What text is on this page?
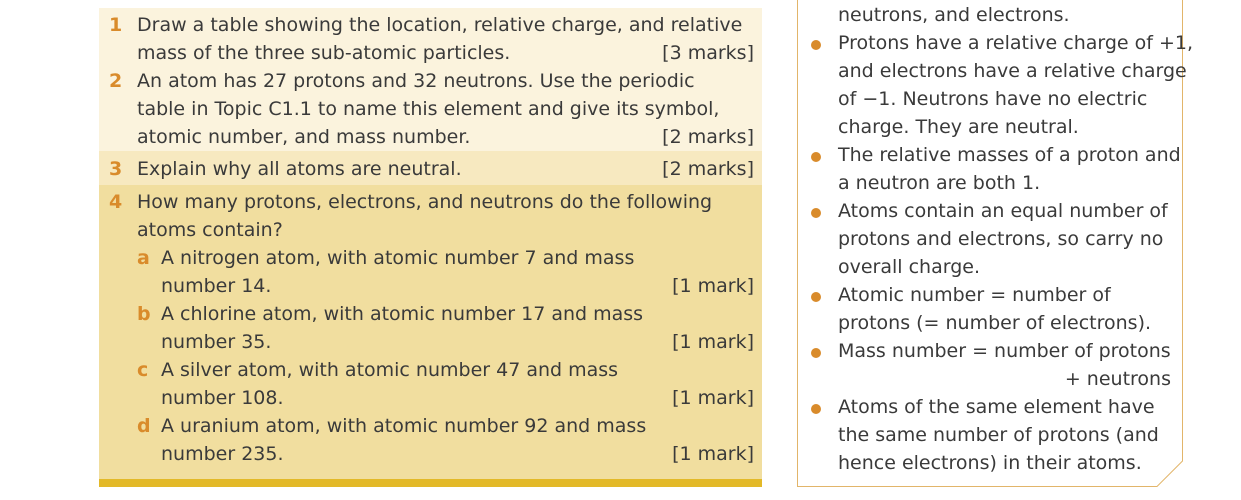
1 Draw a table showing the location, relative charge, and relative
mass of the three sub-atomic particles.	[3 marks]
2 An atom has 27 protons and 32 neutrons. Use the periodic
table in Topic C1.1 to name this element and give its symbol,
atomic number, and mass number.	[2 marks]
3 Explain why all atoms are neutral.	[2 marks]
4 How many protons, electrons, and neutrons do the following
atoms contain?
a A nitrogen atom, with atomic number 7 and mass
number 14.	[1 mark]
b A chlorine atom, with atomic number 17 and mass
number 35.	[1 mark]
c A silver atom, with atomic number 47 and mass
number 108.	[1 mark]
d A uranium atom, with atomic number 92 and mass
number 235.	[1 mark]
neutrons, and electrons.
Protons have a relative charge of +1,
and electrons have a relative charge
of −1. Neutrons have no electric
charge. They are neutral.
The relative masses of a proton and
a neutron are both 1.
Atoms contain an equal number of
protons and electrons, so carry no
overall charge.
Atomic number = number of
protons (= number of electrons).
Mass number = number of protons
+ neutrons
Atoms of the same element have
the same number of protons (and
hence electrons) in their atoms.
